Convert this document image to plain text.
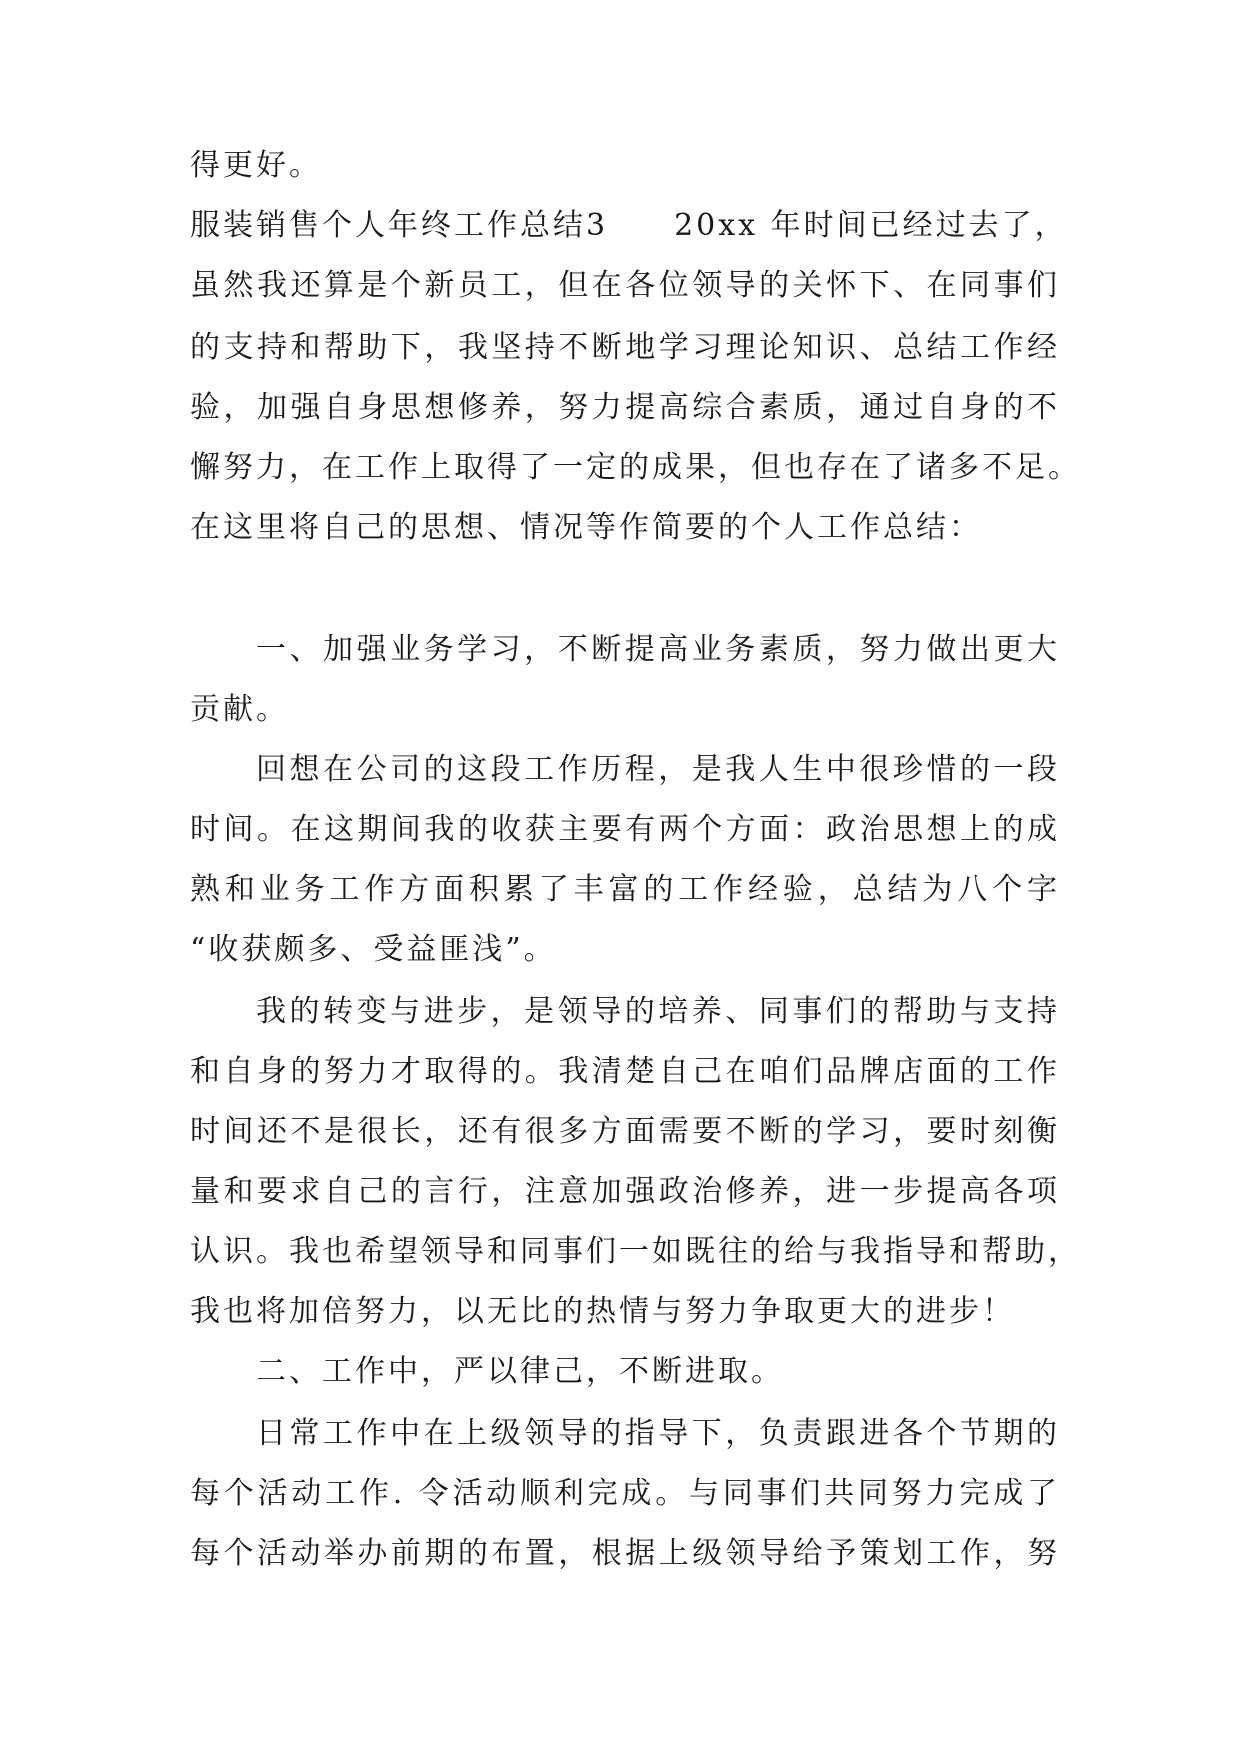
得更好。
服装销售个人年终工作总结3　　20xx 年时间已经过去了，
虽然我还算是个新员工，但在各位领导的关怀下、在同事们
的支持和帮助下，我坚持不断地学习理论知识、总结工作经
验，加强自身思想修养，努力提高综合素质，通过自身的不
懈努力，在工作上取得了一定的成果，但也存在了诸多不足。
在这里将自己的思想、情况等作简要的个人工作总结：
一、加强业务学习，不断提高业务素质，努力做出更大
贡献。
回想在公司的这段工作历程，是我人生中很珍惜的一段
时间。在这期间我的收获主要有两个方面：政治思想上的成
熟和业务工作方面积累了丰富的工作经验，总结为八个字
“收获颇多、受益匪浅”。
我的转变与进步，是领导的培养、同事们的帮助与支持
和自身的努力才取得的。我清楚自己在咱们品牌店面的工作
时间还不是很长，还有很多方面需要不断的学习，要时刻衡
量和要求自己的言行，注意加强政治修养，进一步提高各项
认识。我也希望领导和同事们一如既往的给与我指导和帮助，
我也将加倍努力，以无比的热情与努力争取更大的进步！
二、工作中，严以律己，不断进取。
日常工作中在上级领导的指导下，负责跟进各个节期的
每个活动工作. 令活动顺利完成。与同事们共同努力完成了
每个活动举办前期的布置，根据上级领导给予策划工作，努
